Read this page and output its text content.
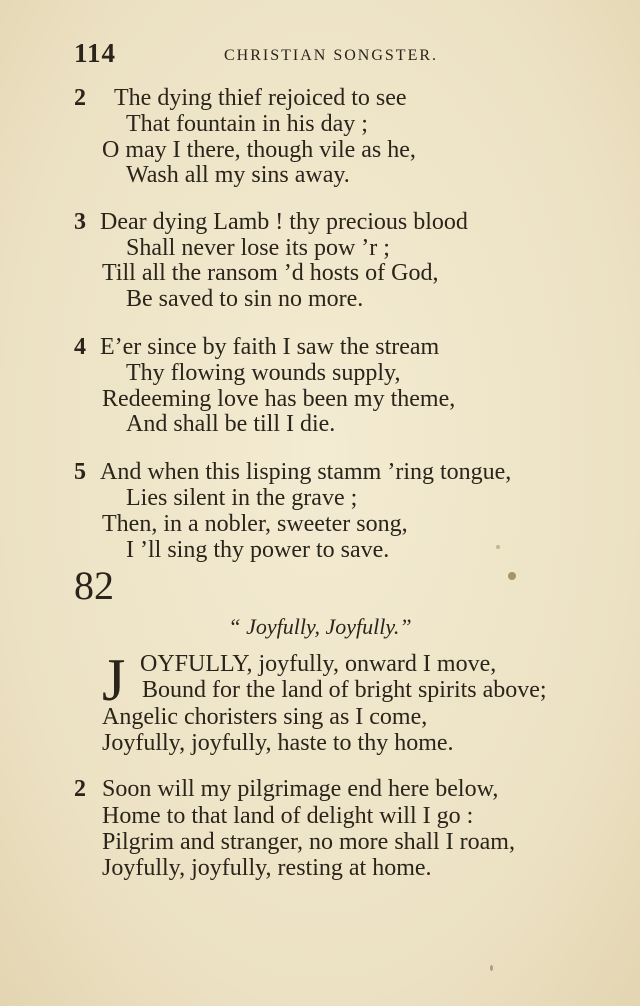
114	CHRISTIAN SONGSTER.
2 The dying thief rejoiced to see
That fountain in his day ;
O may I there, though vile as he,
Wash all my sins away.
3 Dear dying Lamb ! thy precious blood
Shall never lose its pow ’r ;
Till all the ransom ’d hosts of God,
Be saved to sin no more.
4 E’er since by faith I saw the stream
Thy flowing wounds supply,
Redeeming love has been my theme,
And shall be till I die.
5 And when this lisping stamm ’ring tongue,
Lies silent in the grave ;
Then, in a nobler, sweeter song,
I ’ll sing thy power to save.
82
“ Joyfully, Joyfully.”
J OYFULLY, joyfully, onward I move,
Bound for the land of bright spirits above;
Angelic choristers sing as I come,
Joyfully, joyfully, haste to thy home.
2 Soon will my pilgrimage end here below,
Home to that land of delight will I go :
Pilgrim and stranger, no more shall I roam,
Joyfully, joyfully, resting at home.
